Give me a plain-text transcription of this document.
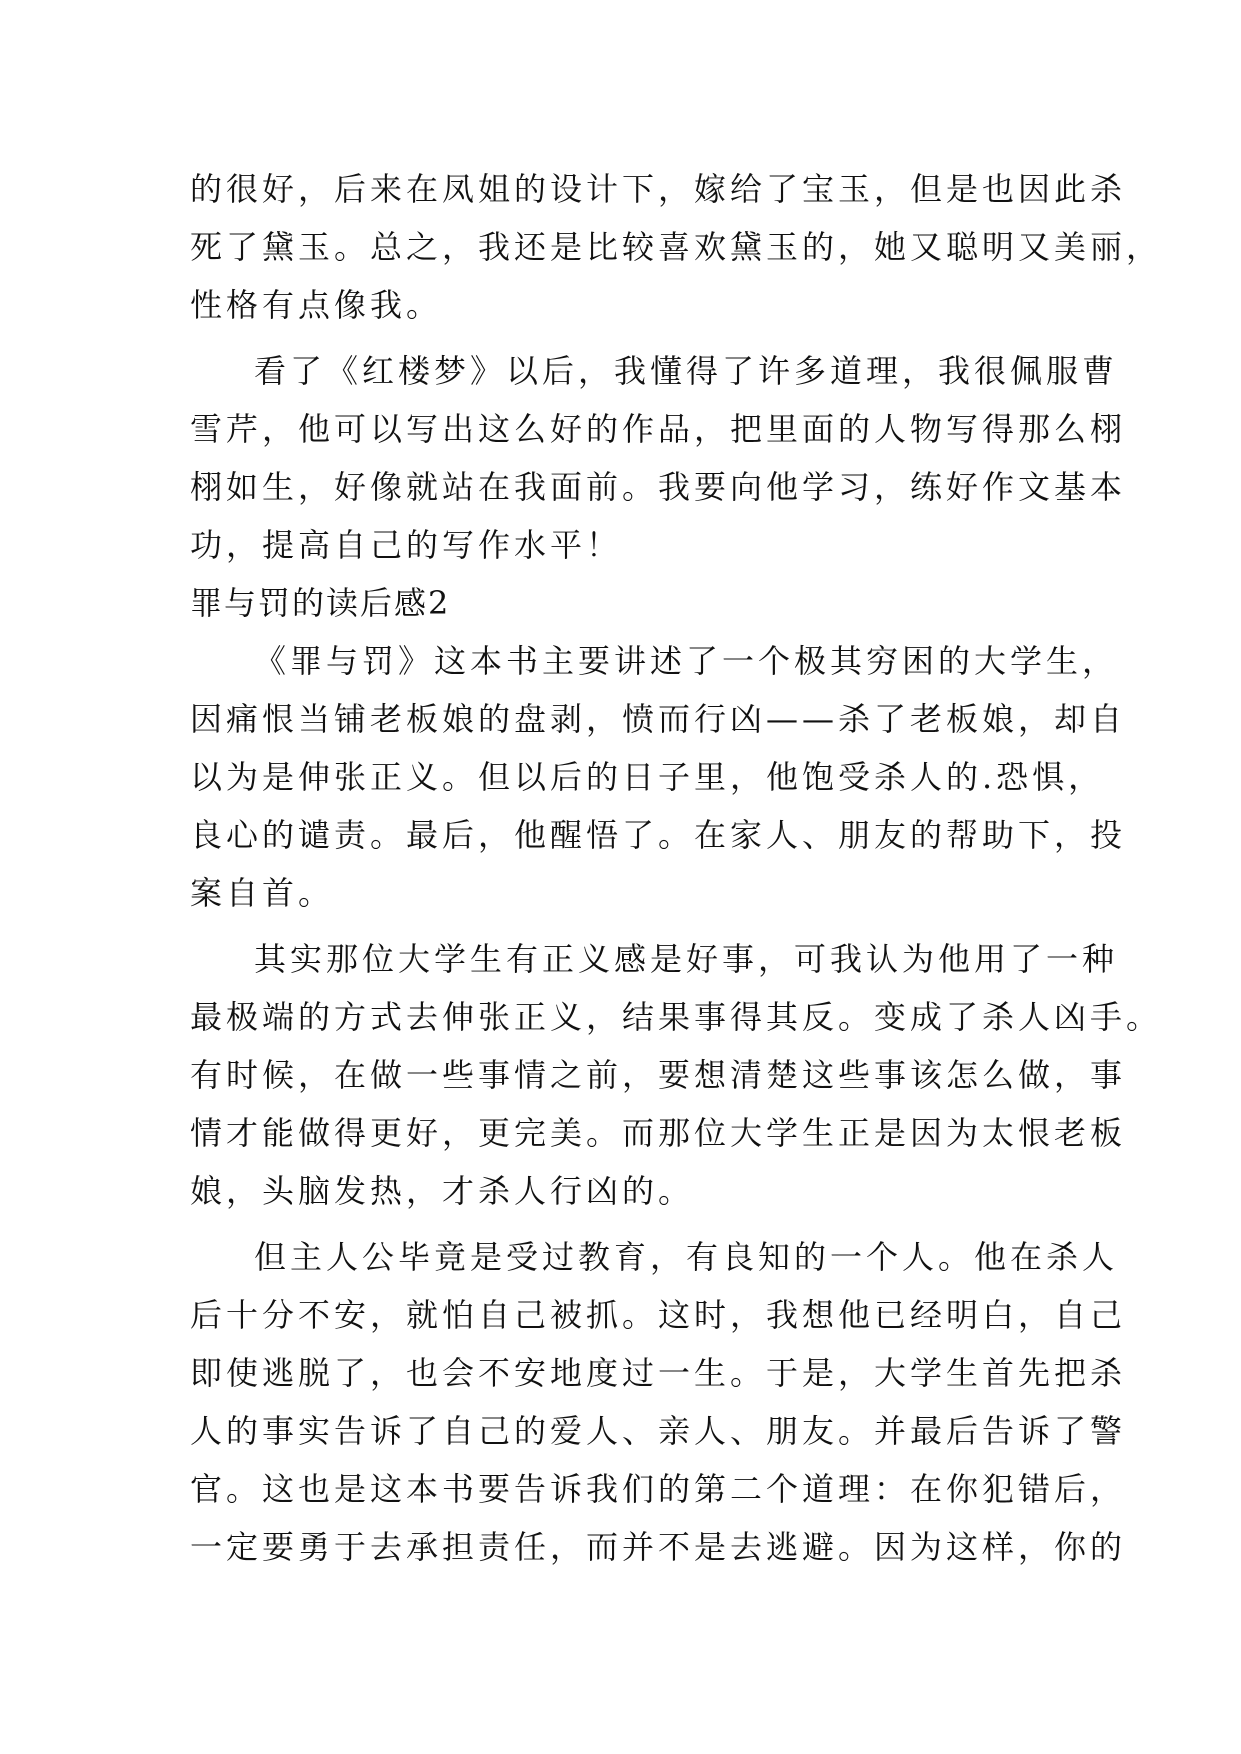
的很好，后来在凤姐的设计下，嫁给了宝玉，但是也因此杀
死了黛玉。总之，我还是比较喜欢黛玉的，她又聪明又美丽，
性格有点像我。
看了《红楼梦》以后，我懂得了许多道理，我很佩服曹
雪芹，他可以写出这么好的作品，把里面的人物写得那么栩
栩如生，好像就站在我面前。我要向他学习，练好作文基本
功，提高自己的写作水平！
罪与罚的读后感2
《罪与罚》这本书主要讲述了一个极其穷困的大学生，
因痛恨当铺老板娘的盘剥，愤而行凶——杀了老板娘，却自
以为是伸张正义。但以后的日子里，他饱受杀人的.恐惧，
良心的谴责。最后，他醒悟了。在家人、朋友的帮助下，投
案自首。
其实那位大学生有正义感是好事，可我认为他用了一种
最极端的方式去伸张正义，结果事得其反。变成了杀人凶手。
有时候，在做一些事情之前，要想清楚这些事该怎么做，事
情才能做得更好，更完美。而那位大学生正是因为太恨老板
娘，头脑发热，才杀人行凶的。
但主人公毕竟是受过教育，有良知的一个人。他在杀人
后十分不安，就怕自己被抓。这时，我想他已经明白，自己
即使逃脱了，也会不安地度过一生。于是，大学生首先把杀
人的事实告诉了自己的爱人、亲人、朋友。并最后告诉了警
官。这也是这本书要告诉我们的第二个道理：在你犯错后，
一定要勇于去承担责任，而并不是去逃避。因为这样，你的
